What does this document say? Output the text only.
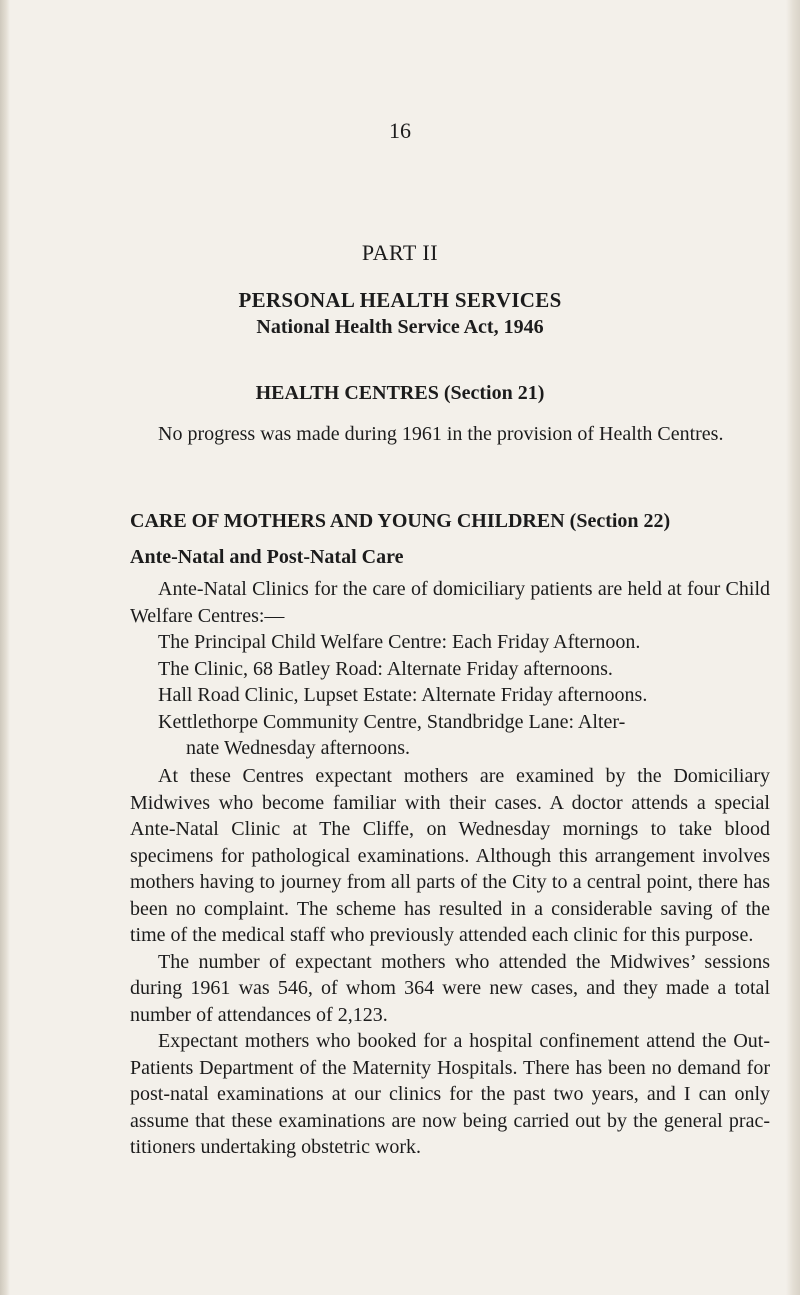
16
PART II
PERSONAL HEALTH SERVICES
National Health Service Act, 1946
HEALTH CENTRES (Section 21)

No progress was made during 1961 in the provision of Health Centres.

CARE OF MOTHERS AND YOUNG CHILDREN (Section 22)
Ante-Natal and Post-Natal Care

Ante-Natal Clinics for the care of domiciliary patients are held at four Child Welfare Centres:—

The Principal Child Welfare Centre: Each Friday Afternoon.
The Clinic, 68 Batley Road: Alternate Friday afternoons.
Hall Road Clinic, Lupset Estate: Alternate Friday afternoons.
Kettlethorpe Community Centre, Standbridge Lane: Alter-
nate Wednesday afternoons.

At these Centres expectant mothers are examined by the Domiciliary Midwives who become familiar with their cases. A doctor attends a special Ante-Natal Clinic at The Cliffe, on Wednesday mornings to take blood specimens for pathological examinations. Although this arrangement involves mothers having to journey from all parts of the City to a central point, there has been no complaint. The scheme has resulted in a considerable saving of the time of the medical staff who previously attended each clinic for this purpose.

The number of expectant mothers who attended the Midwives’ sessions during 1961 was 546, of whom 364 were new cases, and they made a total number of attendances of 2,123.

Expectant mothers who booked for a hospital confinement attend the Out-Patients Department of the Maternity Hospitals. There has been no demand for post-natal examinations at our clinics for the past two years, and I can only assume that these examinations are now being carried out by the general practitioners undertaking obstetric work.
